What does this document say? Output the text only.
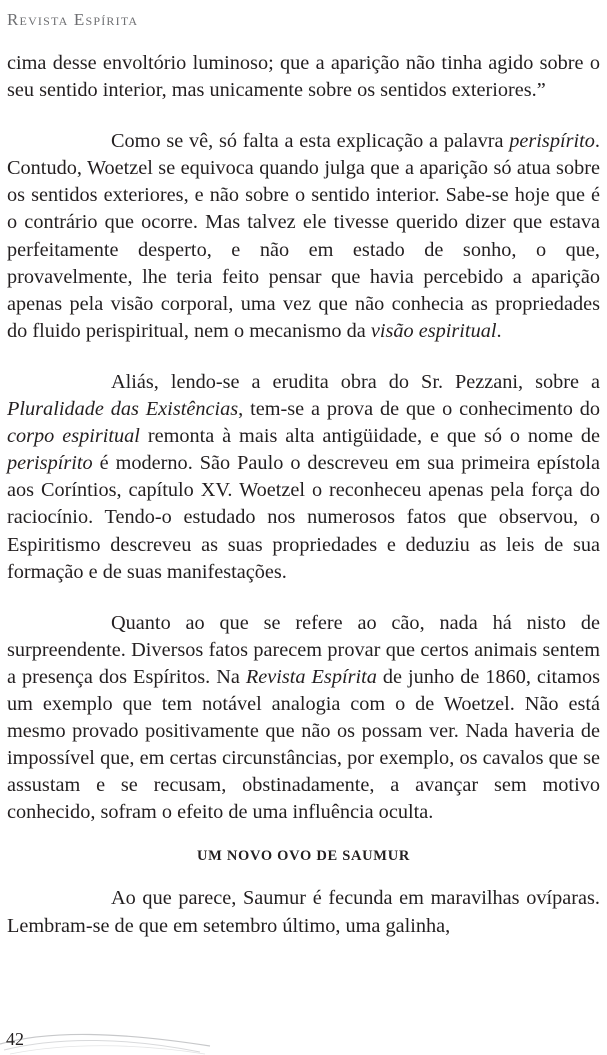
Revista Espírita

cima desse envoltório luminoso; que a aparição não tinha agido sobre o seu sentido interior, mas unicamente sobre os sentidos exteriores.”

Como se vê, só falta a esta explicação a palavra perispírito. Contudo, Woetzel se equivoca quando julga que a aparição só atua sobre os sentidos exteriores, e não sobre o sentido interior. Sabe-se hoje que é o contrário que ocorre. Mas talvez ele tivesse querido dizer que estava perfeitamente desperto, e não em estado de sonho, o que, provavelmente, lhe teria feito pensar que havia percebido a aparição apenas pela visão corporal, uma vez que não conhecia as propriedades do fluido perispiritual, nem o mecanismo da visão espiritual.

Aliás, lendo-se a erudita obra do Sr. Pezzani, sobre a Pluralidade das Existências, tem-se a prova de que o conhecimento do corpo espiritual remonta à mais alta antigüidade, e que só o nome de perispírito é moderno. São Paulo o descreveu em sua primeira epístola aos Coríntios, capítulo XV. Woetzel o reconheceu apenas pela força do raciocínio. Tendo-o estudado nos numerosos fatos que observou, o Espiritismo descreveu as suas propriedades e deduziu as leis de sua formação e de suas manifestações.

Quanto ao que se refere ao cão, nada há nisto de surpreendente. Diversos fatos parecem provar que certos animais sentem a presença dos Espíritos. Na Revista Espírita de junho de 1860, citamos um exemplo que tem notável analogia com o de Woetzel. Não está mesmo provado positivamente que não os possam ver. Nada haveria de impossível que, em certas circunstâncias, por exemplo, os cavalos que se assustam e se recusam, obstinadamente, a avançar sem motivo conhecido, sofram o efeito de uma influência oculta.

UM NOVO OVO DE SAUMUR

Ao que parece, Saumur é fecunda em maravilhas ovíparas. Lembram-se de que em setembro último, uma galinha,

42
